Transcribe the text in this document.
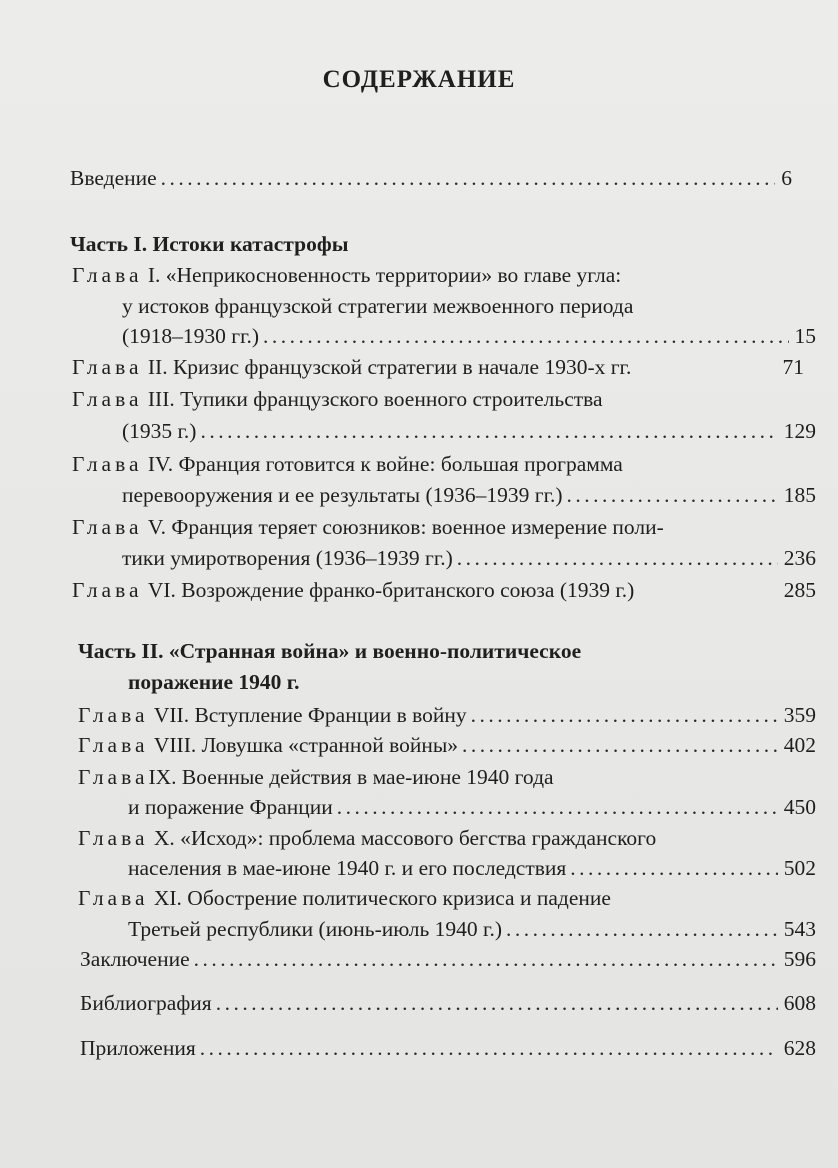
СОДЕРЖАНИЕ
Введение .....	6
Часть I. Истоки катастрофы
Глава I. «Неприкосновенность территории» во главе угла:
у истоков французской стратегии межвоенного периода
(1918–1930 гг.) .....	15
Глава II. Кризис французской стратегии в начале 1930-х гг.	71
Глава III. Тупики французского военного строительства
(1935 г.) .....	129
Глава IV. Франция готовится к войне: большая программа
перевооружения и ее результаты (1936–1939 гг.) .....	185
Глава V. Франция теряет союзников: военное измерение поли-
тики умиротворения (1936–1939 гг.) .....	236
Глава VI. Возрождение франко-британского союза (1939 г.)	285
Часть II. «Странная война» и военно-политическое
поражение 1940 г.
Глава VII. Вступление Франции в войну .....	359
Глава VIII. Ловушка «странной войны» .....	402
ГлаваIX. Военные действия в мае-июне 1940 года
и поражение Франции .....	450
Глава X. «Исход»: проблема массового бегства гражданского
населения в мае-июне 1940 г. и его последствия .....	502
Глава XI. Обострение политического кризиса и падение
Третьей республики (июнь-июль 1940 г.) .....	543
Заключение .....	596
Библиография .....	608
Приложения .....	628
